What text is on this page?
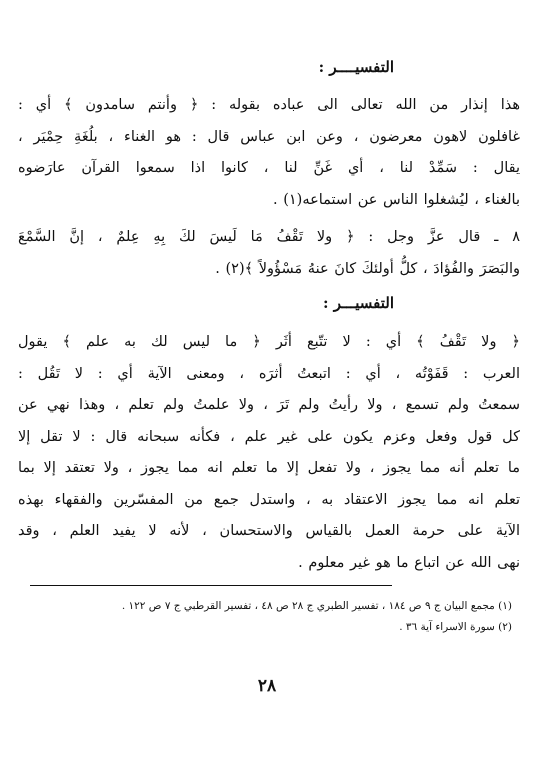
التفسيــــر :
هذا إنذار من الله تعالى الى عباده بقوله : ﴿ وأنتم سامدون ﴾ أي :
غافلون لاهون معرضون ، وعن ابن عباس قال : هو الغناء ، بلُغَةِ حِمْيَر ،
يقال : سَمِّدْ لنا ، أي غَنِّ لنا ، كانوا اذا سمعوا القرآن عارَضوه
بالغناء ، ليُشغلوا الناس عن استماعه(١) .
٨ ـ قال عزَّ وجل : ﴿ ولا تَقْفُ مَا لَيسَ لكَ بِهِ عِلمٌ ، إنَّ السَّمْعَ
والبَصَرَ والفُؤادَ ، كلُّ أولئكَ كانَ عنهُ مَسْؤُولاً ﴾(٢) .
التفسيـــر :
﴿ ولا تَقْفُ ﴾ أي : لا تتّبع أثَر ﴿ ما ليس لك به علم ﴾ يقول
العرب : قَفَوْتُه ، أي : اتبعتُ أثرَه ، ومعنى الآية أي : لا تَقُل :
سمعتُ ولم تسمع ، ولا رأيتُ ولم تَرَ ، ولا علمتُ ولم تعلم ، وهذا نهي عن
كل قول وفعل وعزم يكون على غير علم ، فكأنه سبحانه قال : لا تقل إلا
ما تعلم أنه مما يجوز ، ولا تفعل إلا ما تعلم انه مما يجوز ، ولا تعتقد إلا بما
تعلم انه مما يجوز الاعتقاد به ، واستدل جمع من المفسّرين والفقهاء بهذه
الآية على حرمة العمل بالقياس والاستحسان ، لأنه لا يفيد العلم ، وقد
نهى الله عن اتباع ما هو غير معلوم .
(١) مجمع البيان ج ٩ ص ١٨٤ ، تفسير الطبري ج ٢٨ ص ٤٨ ، تفسير القرطبي ج ٧ ص ١٢٢ .
(٢) سورة الاسراء آية ٣٦ .
٢٨
